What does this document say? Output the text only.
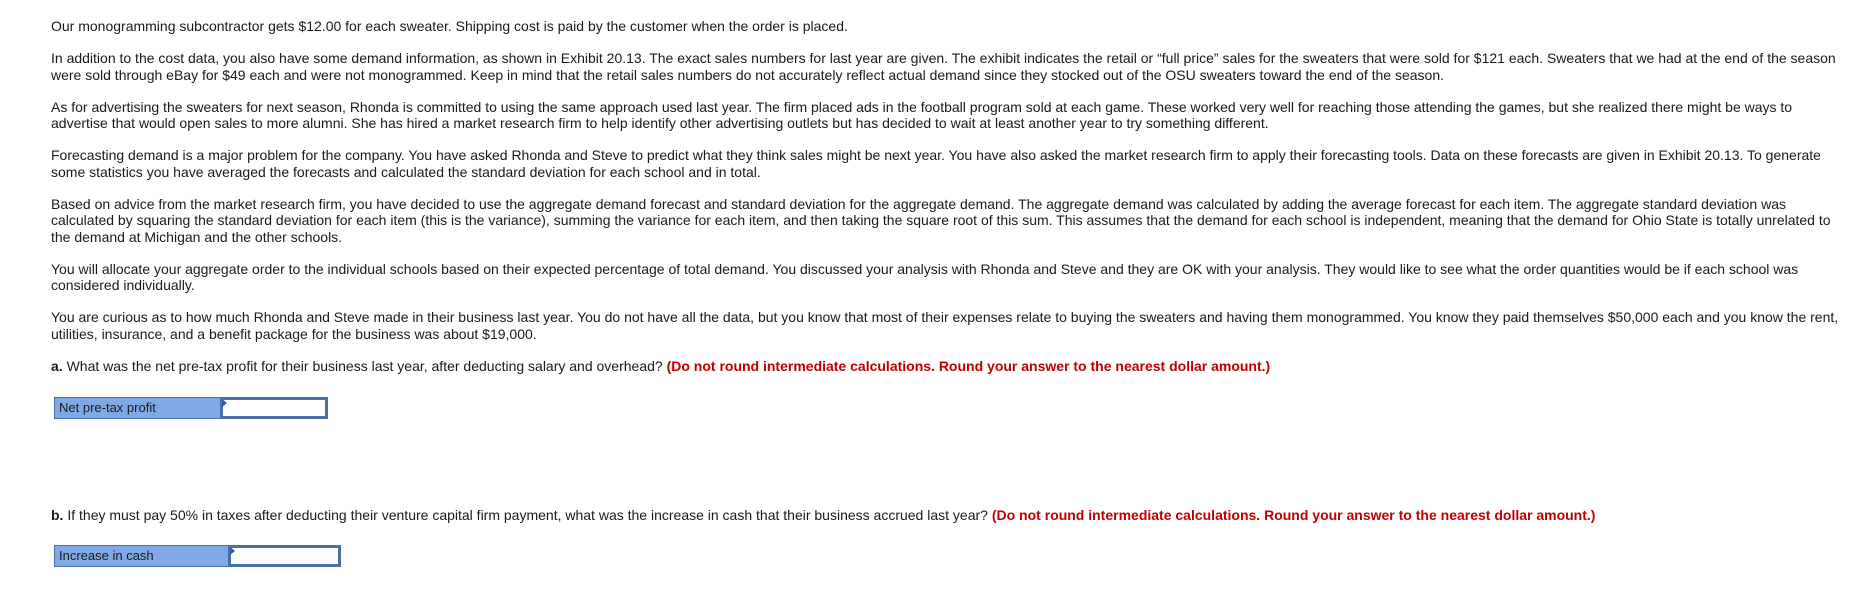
Our monogramming subcontractor gets $12.00 for each sweater. Shipping cost is paid by the customer when the order is placed.

In addition to the cost data, you also have some demand information, as shown in Exhibit 20.13. The exact sales numbers for last year are given. The exhibit indicates the retail or “full price” sales for the sweaters that were sold for $121 each. Sweaters that we had at the end of the season were sold through eBay for $49 each and were not monogrammed. Keep in mind that the retail sales numbers do not accurately reflect actual demand since they stocked out of the OSU sweaters toward the end of the season.

As for advertising the sweaters for next season, Rhonda is committed to using the same approach used last year. The firm placed ads in the football program sold at each game. These worked very well for reaching those attending the games, but she realized there might be ways to advertise that would open sales to more alumni. She has hired a market research firm to help identify other advertising outlets but has decided to wait at least another year to try something different.

Forecasting demand is a major problem for the company. You have asked Rhonda and Steve to predict what they think sales might be next year. You have also asked the market research firm to apply their forecasting tools. Data on these forecasts are given in Exhibit 20.13. To generate some statistics you have averaged the forecasts and calculated the standard deviation for each school and in total.

Based on advice from the market research firm, you have decided to use the aggregate demand forecast and standard deviation for the aggregate demand. The aggregate demand was calculated by adding the average forecast for each item. The aggregate standard deviation was calculated by squaring the standard deviation for each item (this is the variance), summing the variance for each item, and then taking the square root of this sum. This assumes that the demand for each school is independent, meaning that the demand for Ohio State is totally unrelated to the demand at Michigan and the other schools.

You will allocate your aggregate order to the individual schools based on their expected percentage of total demand. You discussed your analysis with Rhonda and Steve and they are OK with your analysis. They would like to see what the order quantities would be if each school was considered individually.

You are curious as to how much Rhonda and Steve made in their business last year. You do not have all the data, but you know that most of their expenses relate to buying the sweaters and having them monogrammed. You know they paid themselves $50,000 each and you know the rent, utilities, insurance, and a benefit package for the business was about $19,000.

a. What was the net pre-tax profit for their business last year, after deducting salary and overhead? (Do not round intermediate calculations. Round your answer to the nearest dollar amount.)

Net pre-tax profit

b. If they must pay 50% in taxes after deducting their venture capital firm payment, what was the increase in cash that their business accrued last year? (Do not round intermediate calculations. Round your answer to the nearest dollar amount.)

Increase in cash
